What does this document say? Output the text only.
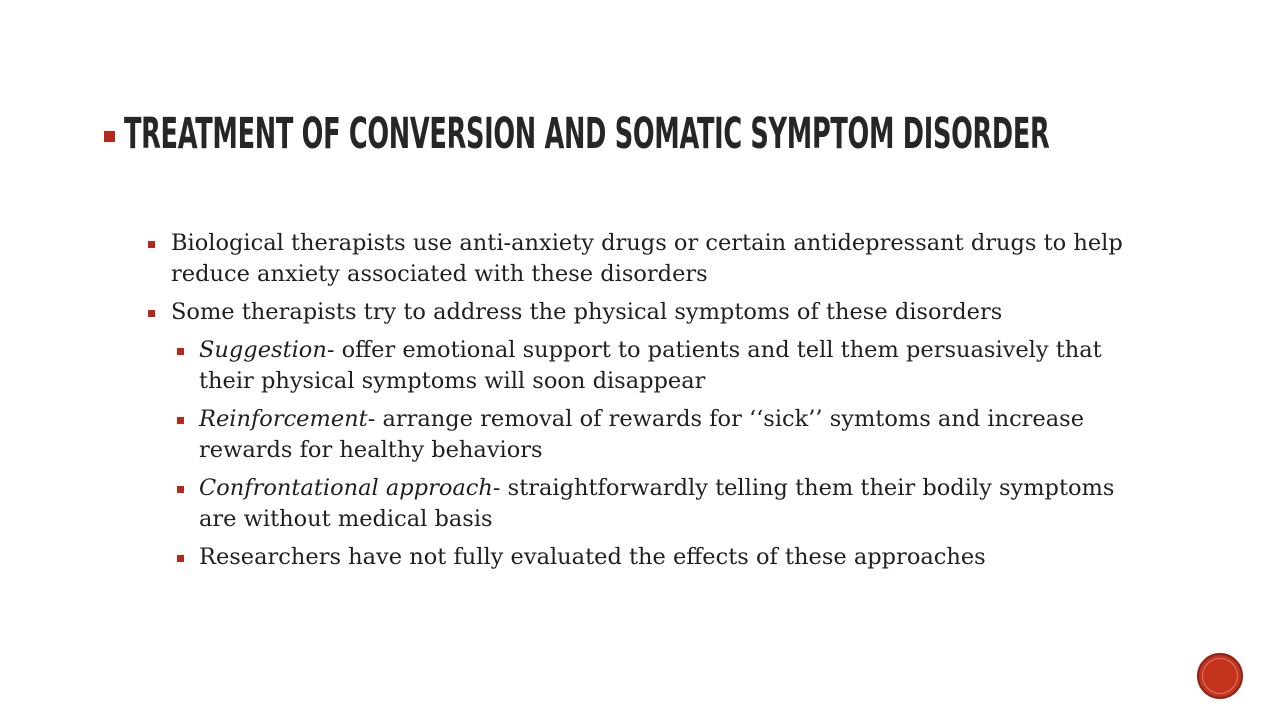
TREATMENT OF CONVERSION AND SOMATIC SYMPTOM DISORDER
Biological therapists use anti-anxiety drugs or certain antidepressant drugs to help reduce anxiety associated with these disorders
Some therapists try to address the physical symptoms of these disorders
Suggestion- offer emotional support to patients and tell them persuasively that their physical symptoms will soon disappear
Reinforcement- arrange removal of rewards for ‘‘sick’’ symtoms and increase rewards for healthy behaviors
Confrontational approach- straightforwardly telling them their bodily symptoms are without medical basis
Researchers have not fully evaluated the effects of these approaches
